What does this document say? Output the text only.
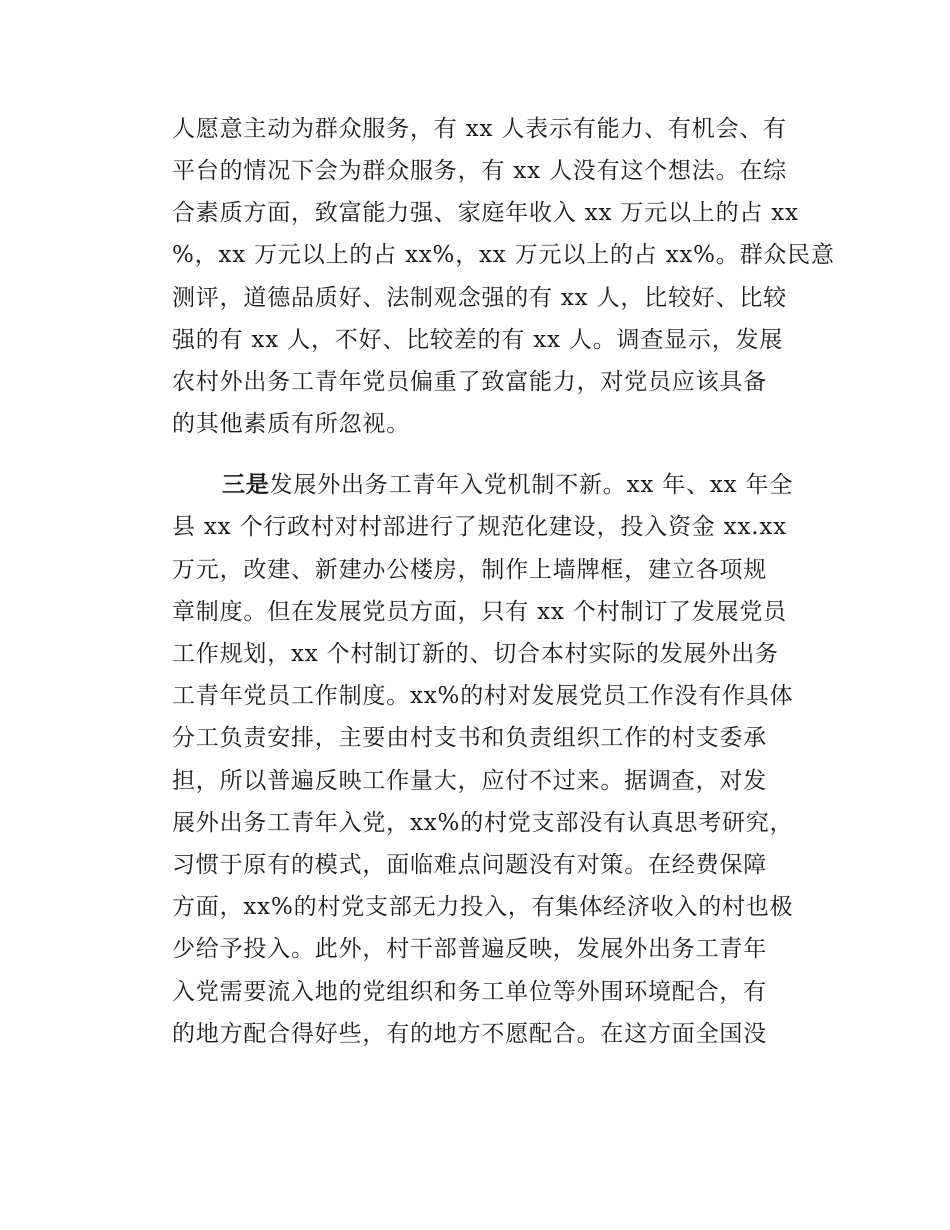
人愿意主动为群众服务，有 xx 人表示有能力、有机会、有
平台的情况下会为群众服务，有 xx 人没有这个想法。在综
合素质方面，致富能力强、家庭年收入 xx 万元以上的占 xx
%，xx 万元以上的占 xx%，xx 万元以上的占 xx%。群众民意
测评，道德品质好、法制观念强的有 xx 人，比较好、比较
强的有 xx 人，不好、比较差的有 xx 人。调查显示，发展
农村外出务工青年党员偏重了致富能力，对党员应该具备
的其他素质有所忽视。
三是发展外出务工青年入党机制不新。xx 年、xx 年全
县 xx 个行政村对村部进行了规范化建设，投入资金 xx.xx
万元，改建、新建办公楼房，制作上墙牌框，建立各项规
章制度。但在发展党员方面，只有 xx 个村制订了发展党员
工作规划，xx 个村制订新的、切合本村实际的发展外出务
工青年党员工作制度。xx%的村对发展党员工作没有作具体
分工负责安排，主要由村支书和负责组织工作的村支委承
担，所以普遍反映工作量大，应付不过来。据调查，对发
展外出务工青年入党，xx%的村党支部没有认真思考研究，
习惯于原有的模式，面临难点问题没有对策。在经费保障
方面，xx%的村党支部无力投入，有集体经济收入的村也极
少给予投入。此外，村干部普遍反映，发展外出务工青年
入党需要流入地的党组织和务工单位等外围环境配合，有
的地方配合得好些，有的地方不愿配合。在这方面全国没
